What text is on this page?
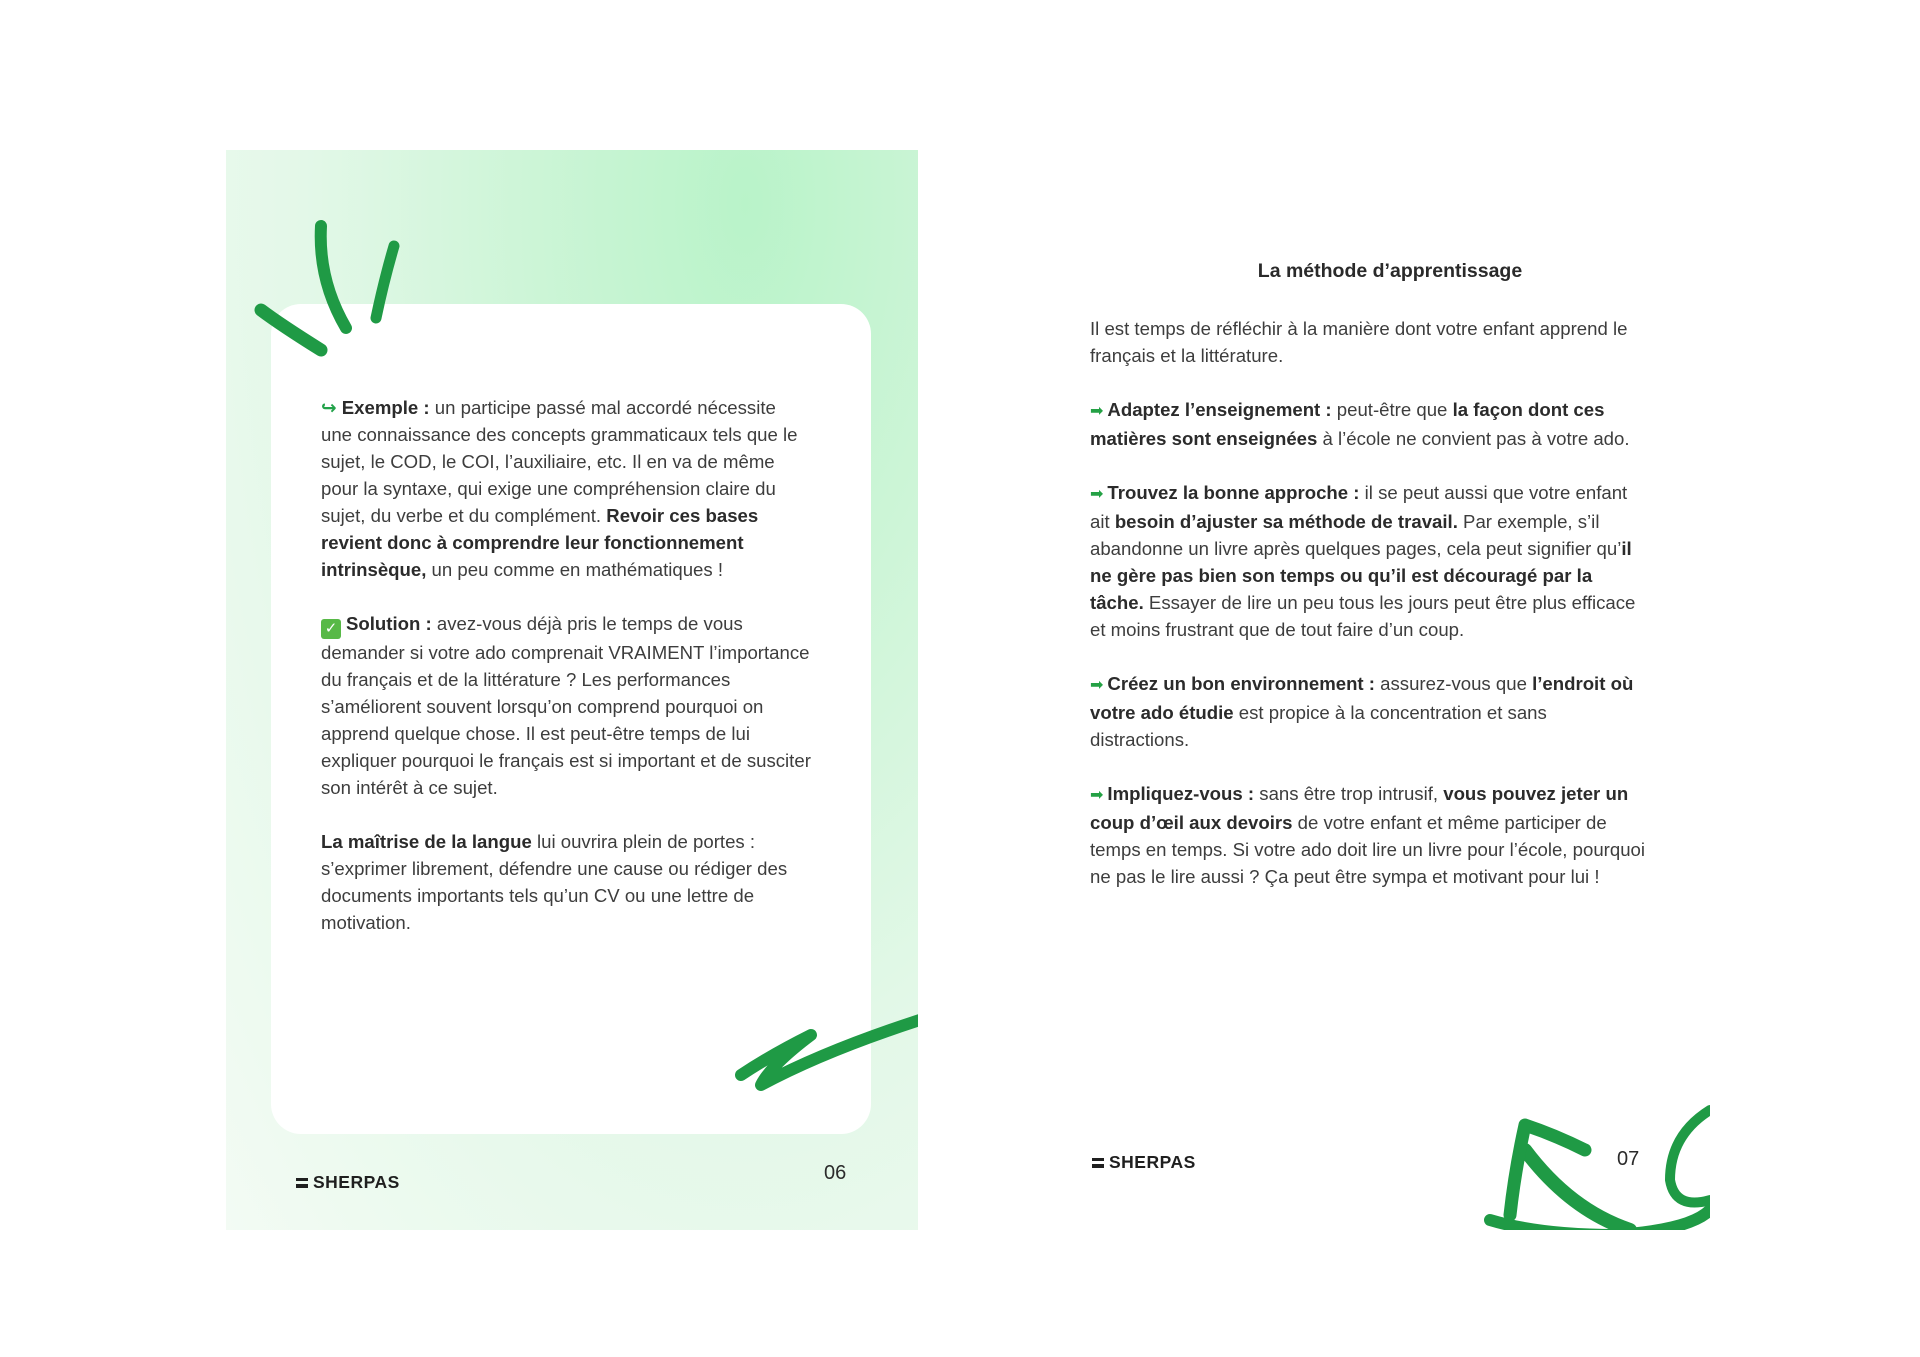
↪ Exemple : un participe passé mal accordé nécessite une connaissance des concepts grammaticaux tels que le sujet, le COD, le COI, l’auxiliaire, etc. Il en va de même pour la syntaxe, qui exige une compréhension claire du sujet, du verbe et du complément. Revoir ces bases revient donc à comprendre leur fonctionnement intrinsèque, un peu comme en mathématiques !

✓ Solution : avez-vous déjà pris le temps de vous demander si votre ado comprenait VRAIMENT l’importance du français et de la littérature ? Les performances s’améliorent souvent lorsqu’on comprend pourquoi on apprend quelque chose. Il est peut-être temps de lui expliquer pourquoi le français est si important et de susciter son intérêt à ce sujet.

La maîtrise de la langue lui ouvrira plein de portes : s’exprimer librement, défendre une cause ou rédiger des documents importants tels qu’un CV ou une lettre de motivation.

SHERPAS	06
La méthode d’apprentissage

Il est temps de réfléchir à la manière dont votre enfant apprend le français et la littérature.

➡ Adaptez l’enseignement : peut-être que la façon dont ces matières sont enseignées à l’école ne convient pas à votre ado.

➡ Trouvez la bonne approche : il se peut aussi que votre enfant ait besoin d’ajuster sa méthode de travail. Par exemple, s’il abandonne un livre après quelques pages, cela peut signifier qu’il ne gère pas bien son temps ou qu’il est découragé par la tâche. Essayer de lire un peu tous les jours peut être plus efficace et moins frustrant que de tout faire d’un coup.

➡ Créez un bon environnement : assurez-vous que l’endroit où votre ado étudie est propice à la concentration et sans distractions.

➡ Impliquez-vous : sans être trop intrusif, vous pouvez jeter un coup d’œil aux devoirs de votre enfant et même participer de temps en temps. Si votre ado doit lire un livre pour l’école, pourquoi ne pas le lire aussi ? Ça peut être sympa et motivant pour lui !

SHERPAS	07
